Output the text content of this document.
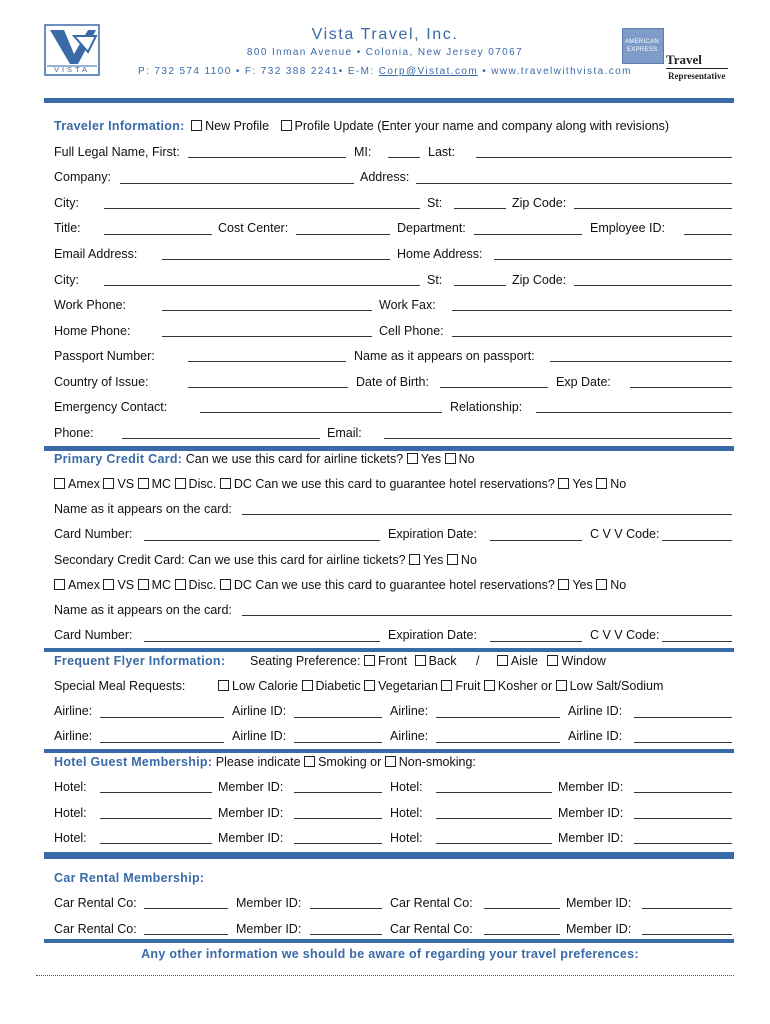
VISTA
Vista Travel, Inc.
800 Inman Avenue • Colonia, New Jersey 07067
P: 732 574 1100 • F: 732 388 2241• E-M: Corp@Vistat.com • www.travelwithvista.com
AMERICAN
EXPRESS
Travel
Representative
Traveler Information: New Profile Profile Update (Enter your name and company along with revisions)
Full Legal Name, First:	MI:	Last:
Company:	Address:
City:	St:	Zip Code:
Title:	Cost Center:	Department:	Employee ID:
Email Address:	Home Address:
City:	St:	Zip Code:
Work Phone:	Work Fax:
Home Phone:	Cell Phone:
Passport Number:	Name as it appears on passport:
Country of Issue:	Date of Birth:	Exp Date:
Emergency Contact:	Relationship:
Phone:	Email:
Primary Credit Card: Can we use this card for airline tickets? Yes No
Amex VS MC Disc. DC Can we use this card to guarantee hotel reservations? Yes No
Name as it appears on the card:
Card Number:	Expiration Date:	C V V Code:
Secondary Credit Card: Can we use this card for airline tickets? Yes No
Amex VS MC Disc. DC Can we use this card to guarantee hotel reservations? Yes No
Name as it appears on the card:
Card Number:	Expiration Date:	C V V Code:
Frequent Flyer Information: Seating Preference: Front Back /	Aisle Window
Special Meal Requests:	Low Calorie Diabetic Vegetarian Fruit Kosher or Low Salt/Sodium
Airline:	Airline ID:	Airline:	Airline ID:
Airline:	Airline ID:	Airline:	Airline ID:
Hotel Guest Membership: Please indicate Smoking or Non-smoking:
Hotel:	Member ID:	Hotel:	Member ID:
Hotel:	Member ID:	Hotel:	Member ID:
Hotel:	Member ID:	Hotel:	Member ID:
Car Rental Membership:
Car Rental Co:	Member ID:	Car Rental Co:	Member ID:
Car Rental Co:	Member ID:	Car Rental Co:	Member ID:
Any other information we should be aware of regarding your travel preferences:
